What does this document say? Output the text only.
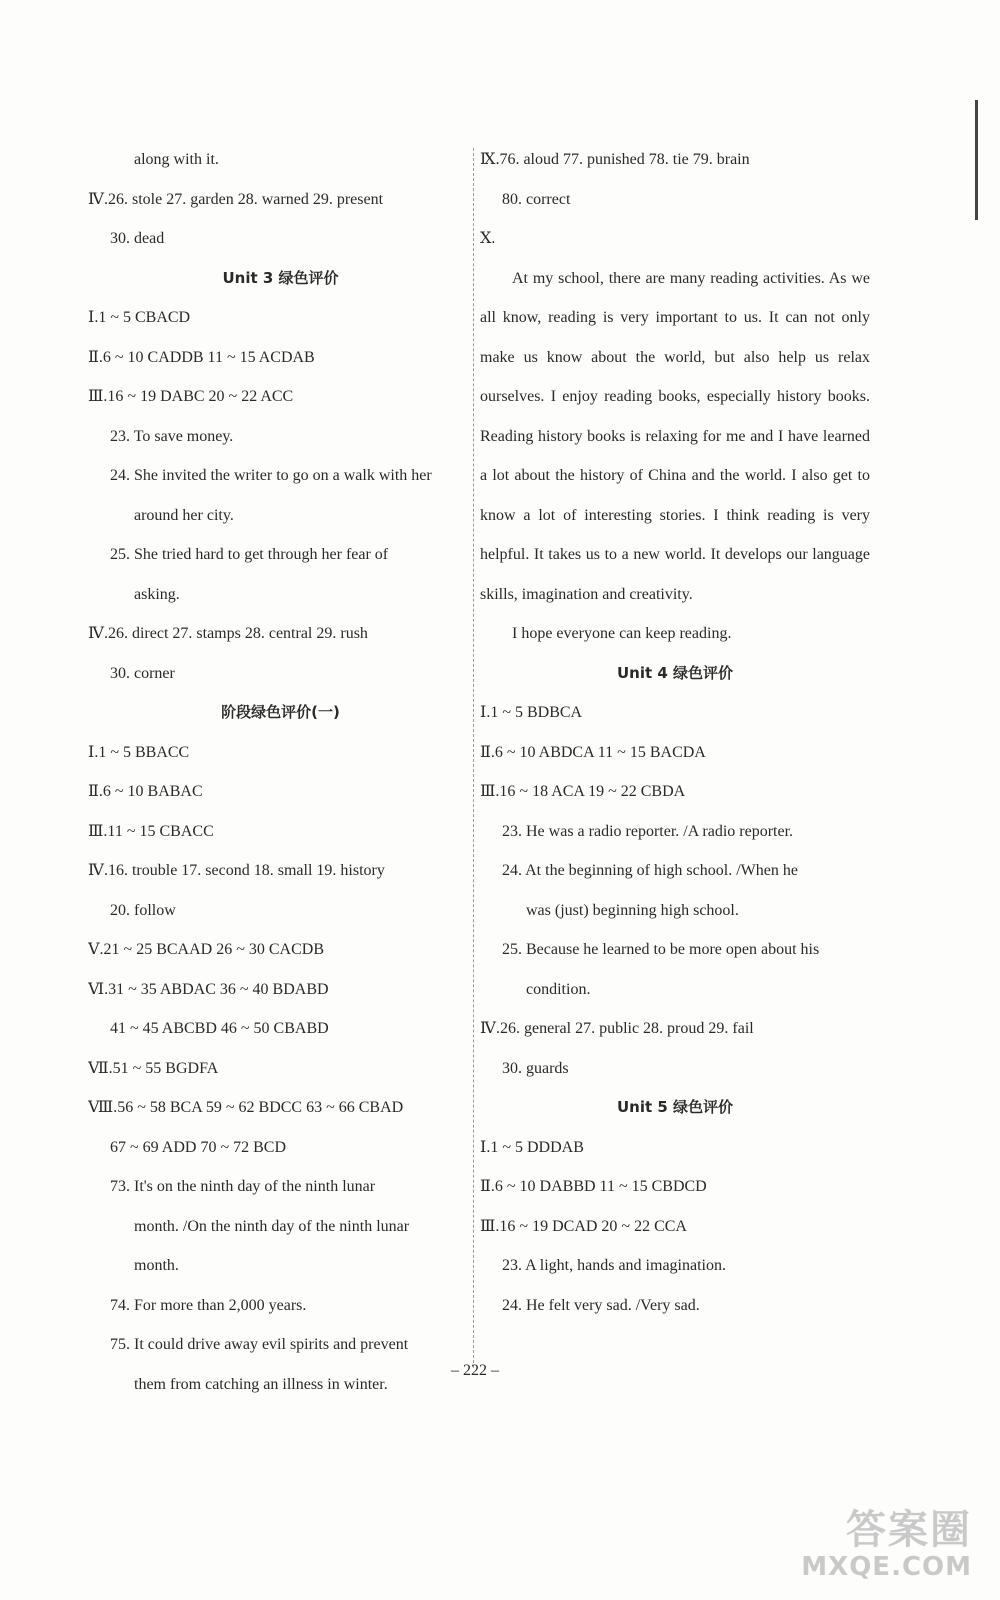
along with it.
Ⅳ.26. stole 27. garden 28. warned 29. present
30. dead
Unit 3 绿色评价
Ⅰ.1 ~ 5 CBACD
Ⅱ.6 ~ 10 CADDB 11 ~ 15 ACDAB
Ⅲ.16 ~ 19 DABC 20 ~ 22 ACC
23. To save money.
24. She invited the writer to go on a walk with her
around her city.
25. She tried hard to get through her fear of
asking.
Ⅳ.26. direct 27. stamps 28. central 29. rush
30. corner
阶段绿色评价(一)
Ⅰ.1 ~ 5 BBACC
Ⅱ.6 ~ 10 BABAC
Ⅲ.11 ~ 15 CBACC
Ⅳ.16. trouble 17. second 18. small 19. history
20. follow
Ⅴ.21 ~ 25 BCAAD 26 ~ 30 CACDB
Ⅵ.31 ~ 35 ABDAC 36 ~ 40 BDABD
41 ~ 45 ABCBD 46 ~ 50 CBABD
Ⅶ.51 ~ 55 BGDFA
Ⅷ.56 ~ 58 BCA 59 ~ 62 BDCC 63 ~ 66 CBAD
67 ~ 69 ADD 70 ~ 72 BCD
73. It's on the ninth day of the ninth lunar
month. /On the ninth day of the ninth lunar
month.
74. For more than 2,000 years.
75. It could drive away evil spirits and prevent
them from catching an illness in winter.
Ⅸ.76. aloud 77. punished 78. tie 79. brain
80. correct
Ⅹ.

At my school, there are many reading activities. As we all know, reading is very important to us. It can not only make us know about the world, but also help us relax ourselves. I enjoy reading books, especially history books. Reading history books is relaxing for me and I have learned a lot about the history of China and the world. I also get to know a lot of interesting stories. I think reading is very helpful. It takes us to a new world. It develops our language skills, imagination and creativity.

I hope everyone can keep reading.

Unit 4 绿色评价
Ⅰ.1 ~ 5 BDBCA
Ⅱ.6 ~ 10 ABDCA 11 ~ 15 BACDA
Ⅲ.16 ~ 18 ACA 19 ~ 22 CBDA
23. He was a radio reporter. /A radio reporter.
24. At the beginning of high school. /When he
was (just) beginning high school.
25. Because he learned to be more open about his
condition.
Ⅳ.26. general 27. public 28. proud 29. fail
30. guards
Unit 5 绿色评价
Ⅰ.1 ~ 5 DDDAB
Ⅱ.6 ~ 10 DABBD 11 ~ 15 CBDCD
Ⅲ.16 ~ 19 DCAD 20 ~ 22 CCA
23. A light, hands and imagination.
24. He felt very sad. /Very sad.
– 222 –
答案圈
MXQE.COM
